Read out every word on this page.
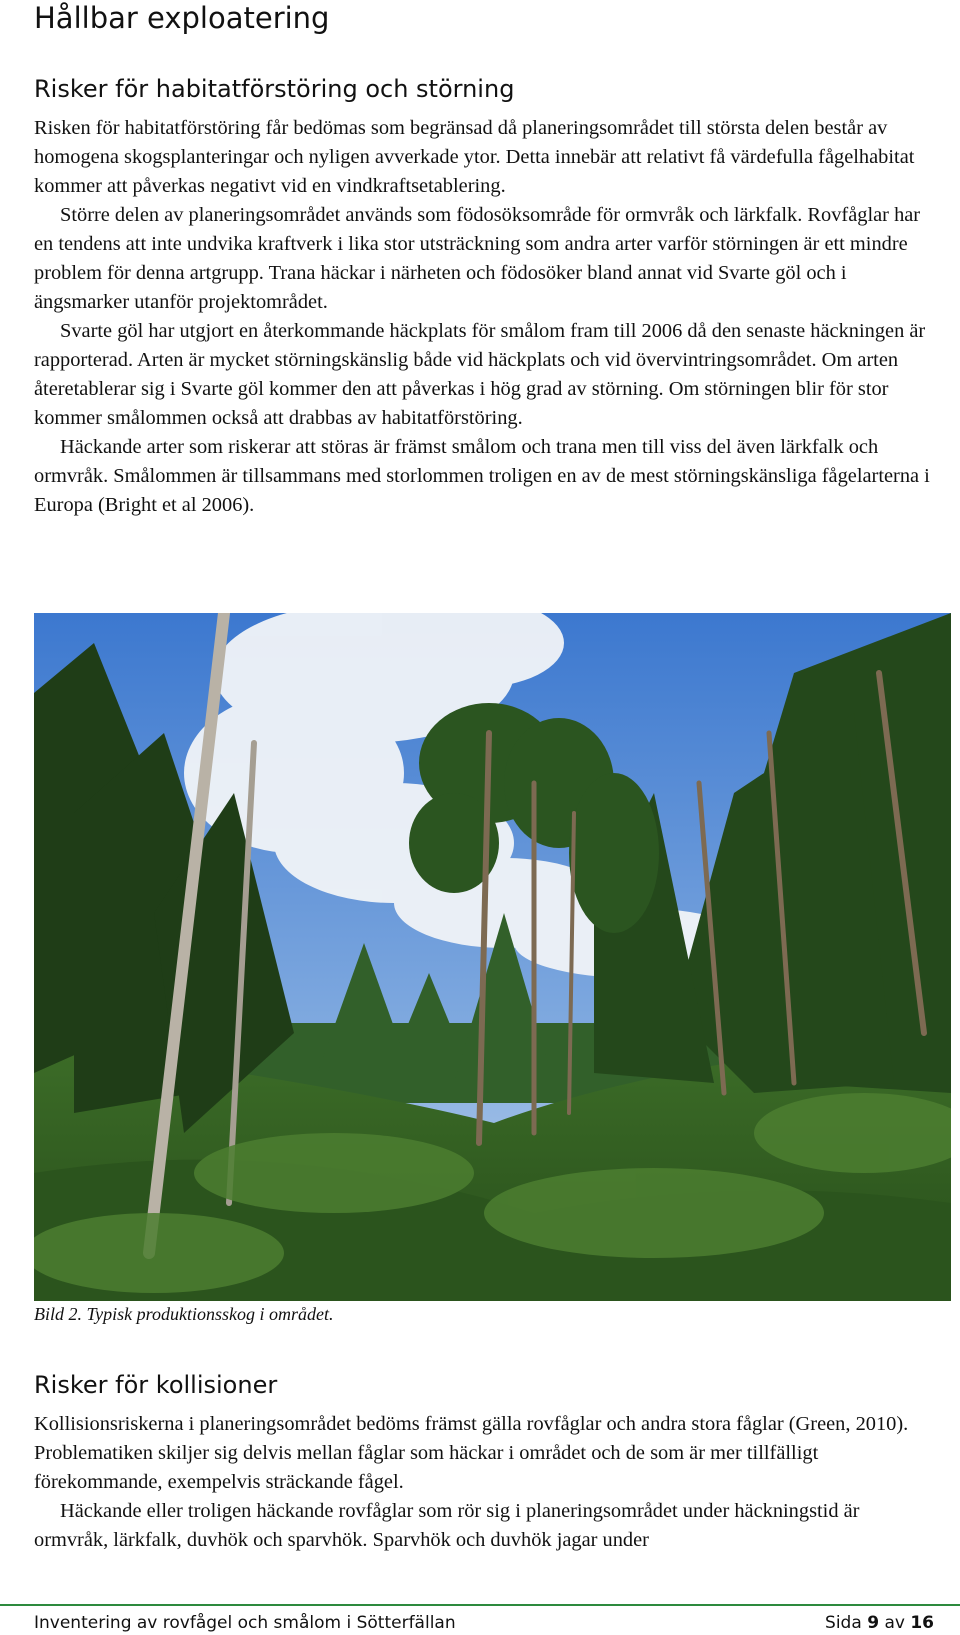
Hållbar exploatering
Risker för habitatförstöring och störning

Risken för habitatförstöring får bedömas som begränsad då planeringsområdet till största delen består av homogena skogsplanteringar och nyligen avverkade ytor. Detta innebär att relativt få värdefulla fågelhabitat kommer att påverkas negativt vid en vindkraftsetablering.

Större delen av planeringsområdet används som födosöksområde för ormvråk och lärkfalk. Rovfåglar har en tendens att inte undvika kraftverk i lika stor utsträckning som andra arter varför störningen är ett mindre problem för denna artgrupp. Trana häckar i närheten och födosöker bland annat vid Svarte göl och i ängsmarker utanför projektområdet.

Svarte göl har utgjort en återkommande häckplats för smålom fram till 2006 då den senaste häckningen är rapporterad. Arten är mycket störningskänslig både vid häckplats och vid övervintringsområdet. Om arten återetablerar sig i Svarte göl kommer den att påverkas i hög grad av störning. Om störningen blir för stor kommer smålommen också att drabbas av habitatförstöring.

Häckande arter som riskerar att störas är främst smålom och trana men till viss del även lärkfalk och ormvråk. Smålommen är tillsammans med storlommen troligen en av de mest störningskänsliga fågelarterna i Europa (Bright et al 2006).

Bild 2. Typisk produktionsskog i området.
Risker för kollisioner

Kollisionsriskerna i planeringsområdet bedöms främst gälla rovfåglar och andra stora fåglar (Green, 2010). Problematiken skiljer sig delvis mellan fåglar som häckar i området och de som är mer tillfälligt förekommande, exempelvis sträckande fågel.

Häckande eller troligen häckande rovfåglar som rör sig i planeringsområdet under häckningstid är ormvråk, lärkfalk, duvhök och sparvhök. Sparvhök och duvhök jagar under

Inventering av rovfågel och smålom i Sötterfällan	Sida 9 av 16
